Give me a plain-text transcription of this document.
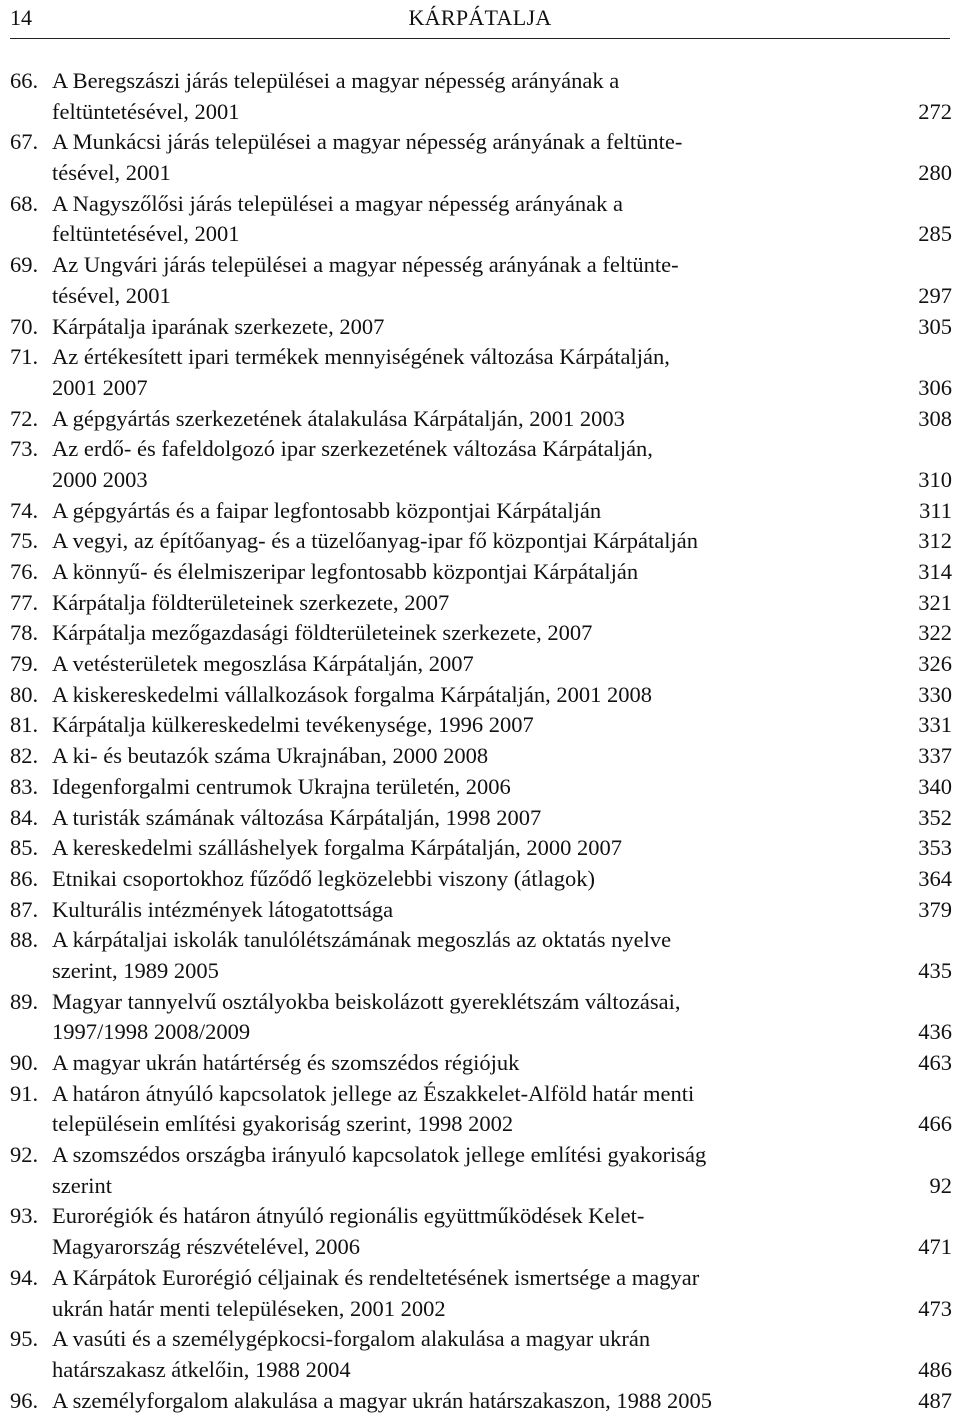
14	KÁRPÁTALJA
66. A Beregszászi járás települései a magyar népesség arányának a
feltüntetésével, 2001	272
67. A Munkácsi járás települései a magyar népesség arányának a feltünte-
tésével, 2001	280
68. A Nagyszőlősi járás települései a magyar népesség arányának a
feltüntetésével, 2001	285
69. Az Ungvári járás települései a magyar népesség arányának a feltünte-
tésével, 2001	297
70. Kárpátalja iparának szerkezete, 2007	305
71. Az értékesített ipari termékek mennyiségének változása Kárpátalján,
2001 2007	306
72. A gépgyártás szerkezetének átalakulása Kárpátalján, 2001 2003	308
73. Az erdő- és fafeldolgozó ipar szerkezetének változása Kárpátalján,
2000 2003	310
74. A gépgyártás és a faipar legfontosabb központjai Kárpátalján	311
75. A vegyi, az építőanyag- és a tüzelőanyag-ipar fő központjai Kárpátalján	312
76. A könnyű- és élelmiszeripar legfontosabb központjai Kárpátalján	314
77. Kárpátalja földterületeinek szerkezete, 2007	321
78. Kárpátalja mezőgazdasági földterületeinek szerkezete, 2007	322
79. A vetésterületek megoszlása Kárpátalján, 2007	326
80. A kiskereskedelmi vállalkozások forgalma Kárpátalján, 2001 2008	330
81. Kárpátalja külkereskedelmi tevékenysége, 1996 2007	331
82. A ki- és beutazók száma Ukrajnában, 2000 2008	337
83. Idegenforgalmi centrumok Ukrajna területén, 2006	340
84. A turisták számának változása Kárpátalján, 1998 2007	352
85. A kereskedelmi szálláshelyek forgalma Kárpátalján, 2000 2007	353
86. Etnikai csoportokhoz fűződő legközelebbi viszony (átlagok)	364
87. Kulturális intézmények látogatottsága	379
88. A kárpátaljai iskolák tanulólétszámának megoszlás az oktatás nyelve
szerint, 1989 2005	435
89. Magyar tannyelvű osztályokba beiskolázott gyereklétszám változásai,
1997/1998 2008/2009	436
90. A magyar ukrán határtérség és szomszédos régiójuk	463
91. A határon átnyúló kapcsolatok jellege az Északkelet-Alföld határ menti
településein említési gyakoriság szerint, 1998 2002	466
92. A szomszédos országba irányuló kapcsolatok jellege említési gyakoriság
szerint	92
93. Eurorégiók és határon átnyúló regionális együttműködések Kelet-
Magyarország részvételével, 2006	471
94. A Kárpátok Eurorégió céljainak és rendeltetésének ismertsége a magyar
ukrán határ menti településeken, 2001 2002	473
95. A vasúti és a személygépkocsi-forgalom alakulása a magyar ukrán
határszakasz átkelőin, 1988 2004	486
96. A személyforgalom alakulása a magyar ukrán határszakaszon, 1988 2005	487
